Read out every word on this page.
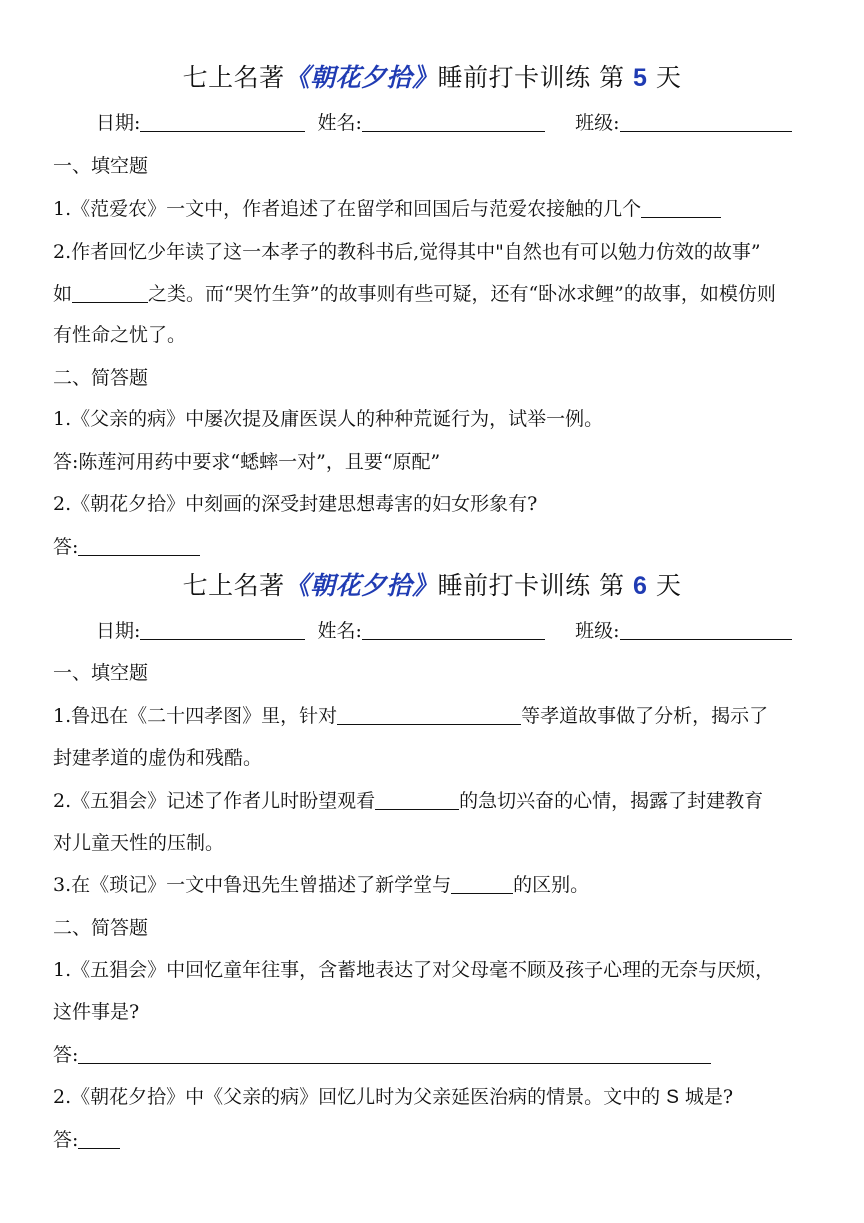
七上名著《朝花夕拾》睡前打卡训练 第 5 天
日期:	姓名:	班级:
一、填空题
1.《范爱农》一文中，作者追述了在留学和回国后与范爱农接触的几个
2.作者回忆少年读了这一本孝子的教科书后,觉得其中"自然也有可以勉力仿效的故事”
如	之类。而“哭竹生笋”的故事则有些可疑，还有“卧冰求鲤”的故事，如模仿则
有性命之忧了。
二、简答题
1.《父亲的病》中屡次提及庸医误人的种种荒诞行为，试举一例。
答:陈莲河用药中要求“蟋蟀一对”，且要“原配”
2.《朝花夕拾》中刻画的深受封建思想毒害的妇女形象有?
答:
七上名著《朝花夕拾》睡前打卡训练 第 6 天
日期:	姓名:	班级:
一、填空题
1.鲁迅在《二十四孝图》里，针对	等孝道故事做了分析，揭示了
封建孝道的虚伪和残酷。
2.《五猖会》记述了作者儿时盼望观看	的急切兴奋的心情，揭露了封建教育
对儿童天性的压制。
3.在《琐记》一文中鲁迅先生曾描述了新学堂与	的区别。
二、简答题
1.《五猖会》中回忆童年往事，含蓄地表达了对父母毫不顾及孩子心理的无奈与厌烦，
这件事是?
答:
2.《朝花夕拾》中《父亲的病》回忆儿时为父亲延医治病的情景。文中的 S 城是?
答:
